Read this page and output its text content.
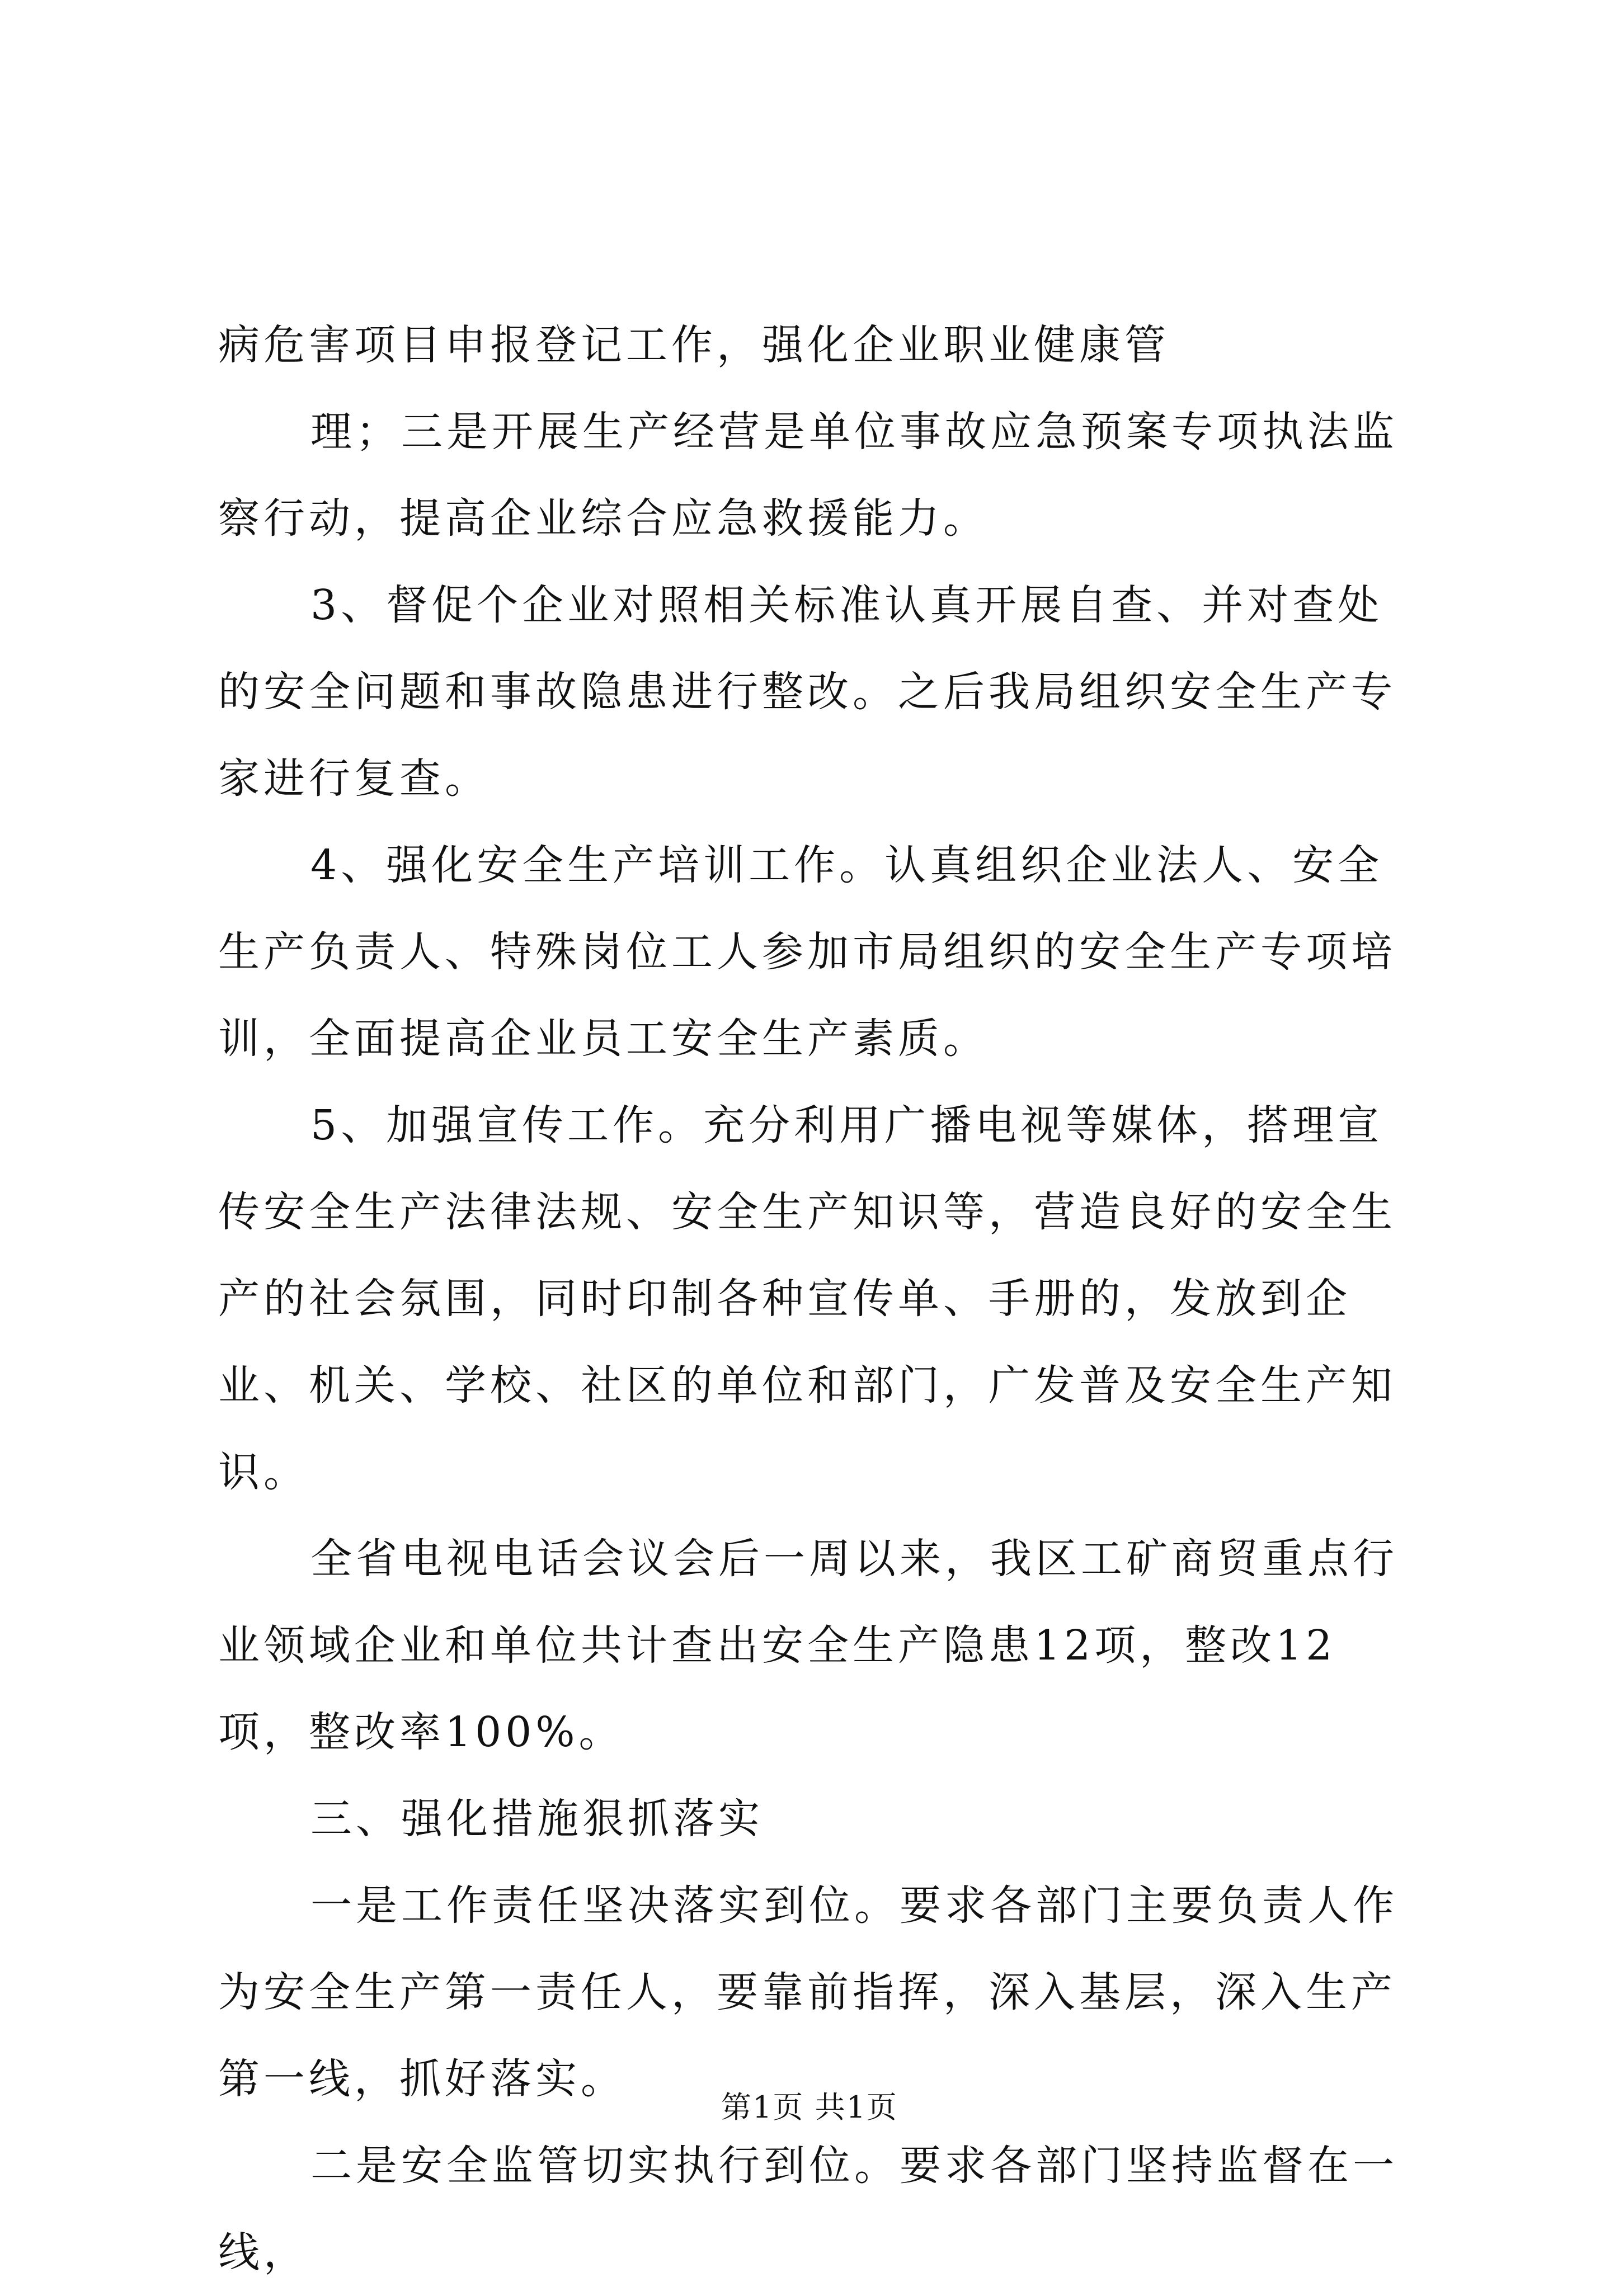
病危害项目申报登记工作，强化企业职业健康管

理；三是开展生产经营是单位事故应急预案专项执法监察行动，提高企业综合应急救援能力。

3、督促个企业对照相关标准认真开展自查、并对查处的安全问题和事故隐患进行整改。之后我局组织安全生产专家进行复查。

4、强化安全生产培训工作。认真组织企业法人、安全生产负责人、特殊岗位工人参加市局组织的安全生产专项培训，全面提高企业员工安全生产素质。

5、加强宣传工作。充分利用广播电视等媒体，搭理宣传安全生产法律法规、安全生产知识等，营造良好的安全生产的社会氛围，同时印制各种宣传单、手册的，发放到企业、机关、学校、社区的单位和部门，广发普及安全生产知识。

全省电视电话会议会后一周以来，我区工矿商贸重点行业领域企业和单位共计查出安全生产隐患12项，整改12项，整改率100%。

三、强化措施狠抓落实

一是工作责任坚决落实到位。要求各部门主要负责人作为安全生产第一责任人，要靠前指挥，深入基层，深入生产第一线，抓好落实。

二是安全监管切实执行到位。要求各部门坚持监督在一线，

第1页 共1页
